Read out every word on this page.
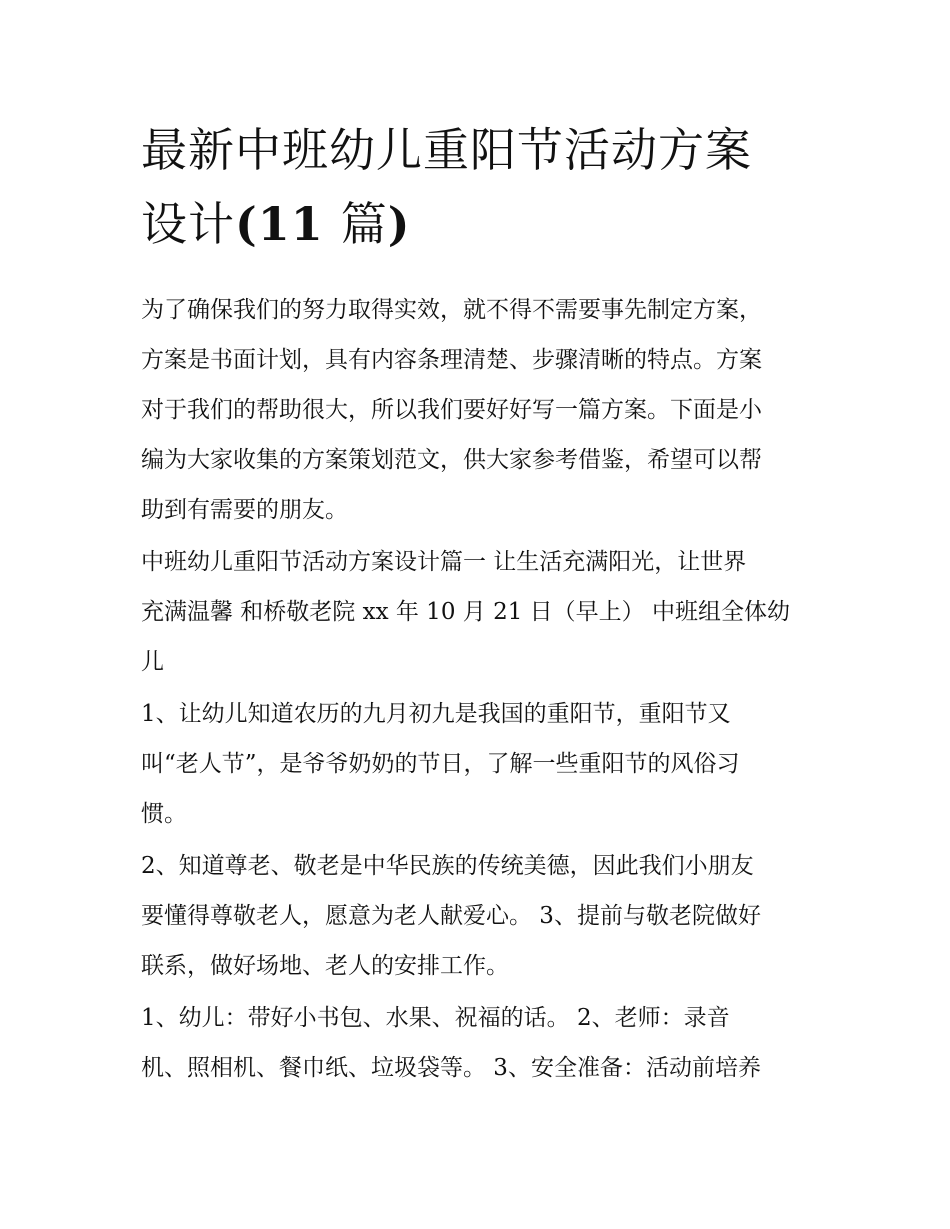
最新中班幼儿重阳节活动方案
设计(11 篇)

为了确保我们的努力取得实效，就不得不需要事先制定方案，
方案是书面计划，具有内容条理清楚、步骤清晰的特点。方案
对于我们的帮助很大，所以我们要好好写一篇方案。下面是小
编为大家收集的方案策划范文，供大家参考借鉴，希望可以帮
助到有需要的朋友。

中班幼儿重阳节活动方案设计篇一 让生活充满阳光，让世界
充满温馨 和桥敬老院 xx 年 10 月 21 日（早上） 中班组全体幼
儿

1、让幼儿知道农历的九月初九是我国的重阳节，重阳节又
叫“老人节”，是爷爷奶奶的节日，了解一些重阳节的风俗习
惯。

2、知道尊老、敬老是中华民族的传统美德，因此我们小朋友
要懂得尊敬老人，愿意为老人献爱心。 3、提前与敬老院做好
联系，做好场地、老人的安排工作。

1、幼儿：带好小书包、水果、祝福的话。 2、老师：录音
机、照相机、餐巾纸、垃圾袋等。 3、安全准备：活动前培养
